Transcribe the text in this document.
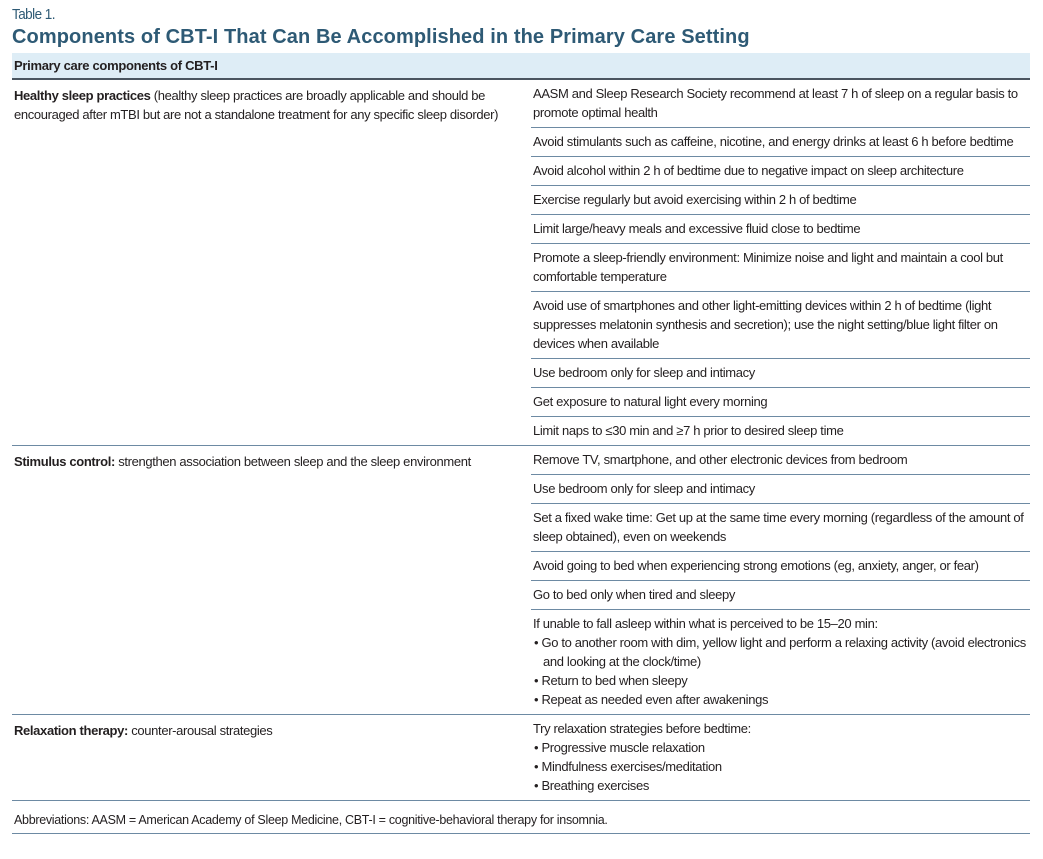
Table 1.
Components of CBT-I That Can Be Accomplished in the Primary Care Setting
Primary care components of CBT-I
Healthy sleep practices (healthy sleep practices are broadly applicable and should be encouraged after mTBI but are not a standalone treatment for any specific sleep disorder)
AASM and Sleep Research Society recommend at least 7 h of sleep on a regular basis to promote optimal health
Avoid stimulants such as caffeine, nicotine, and energy drinks at least 6 h before bedtime
Avoid alcohol within 2 h of bedtime due to negative impact on sleep architecture
Exercise regularly but avoid exercising within 2 h of bedtime
Limit large/heavy meals and excessive fluid close to bedtime
Promote a sleep-friendly environment: Minimize noise and light and maintain a cool but comfortable temperature
Avoid use of smartphones and other light-emitting devices within 2 h of bedtime (light suppresses melatonin synthesis and secretion); use the night setting/blue light filter on devices when available
Use bedroom only for sleep and intimacy
Get exposure to natural light every morning
Limit naps to ≤30 min and ≥7 h prior to desired sleep time
Stimulus control: strengthen association between sleep and the sleep environment	Remove TV, smartphone, and other electronic devices from bedroom
Use bedroom only for sleep and intimacy
Set a fixed wake time: Get up at the same time every morning (regardless of the amount of sleep obtained), even on weekends
Avoid going to bed when experiencing strong emotions (eg, anxiety, anger, or fear)
Go to bed only when tired and sleepy
If unable to fall asleep within what is perceived to be 15–20 min:
• Go to another room with dim, yellow light and perform a relaxing activity (avoid electronics and looking at the clock/time)
• Return to bed when sleepy
• Repeat as needed even after awakenings
Relaxation therapy: counter-arousal strategies	Try relaxation strategies before bedtime:
• Progressive muscle relaxation
• Mindfulness exercises/meditation
• Breathing exercises
Abbreviations: AASM = American Academy of Sleep Medicine, CBT-I = cognitive-behavioral therapy for insomnia.
